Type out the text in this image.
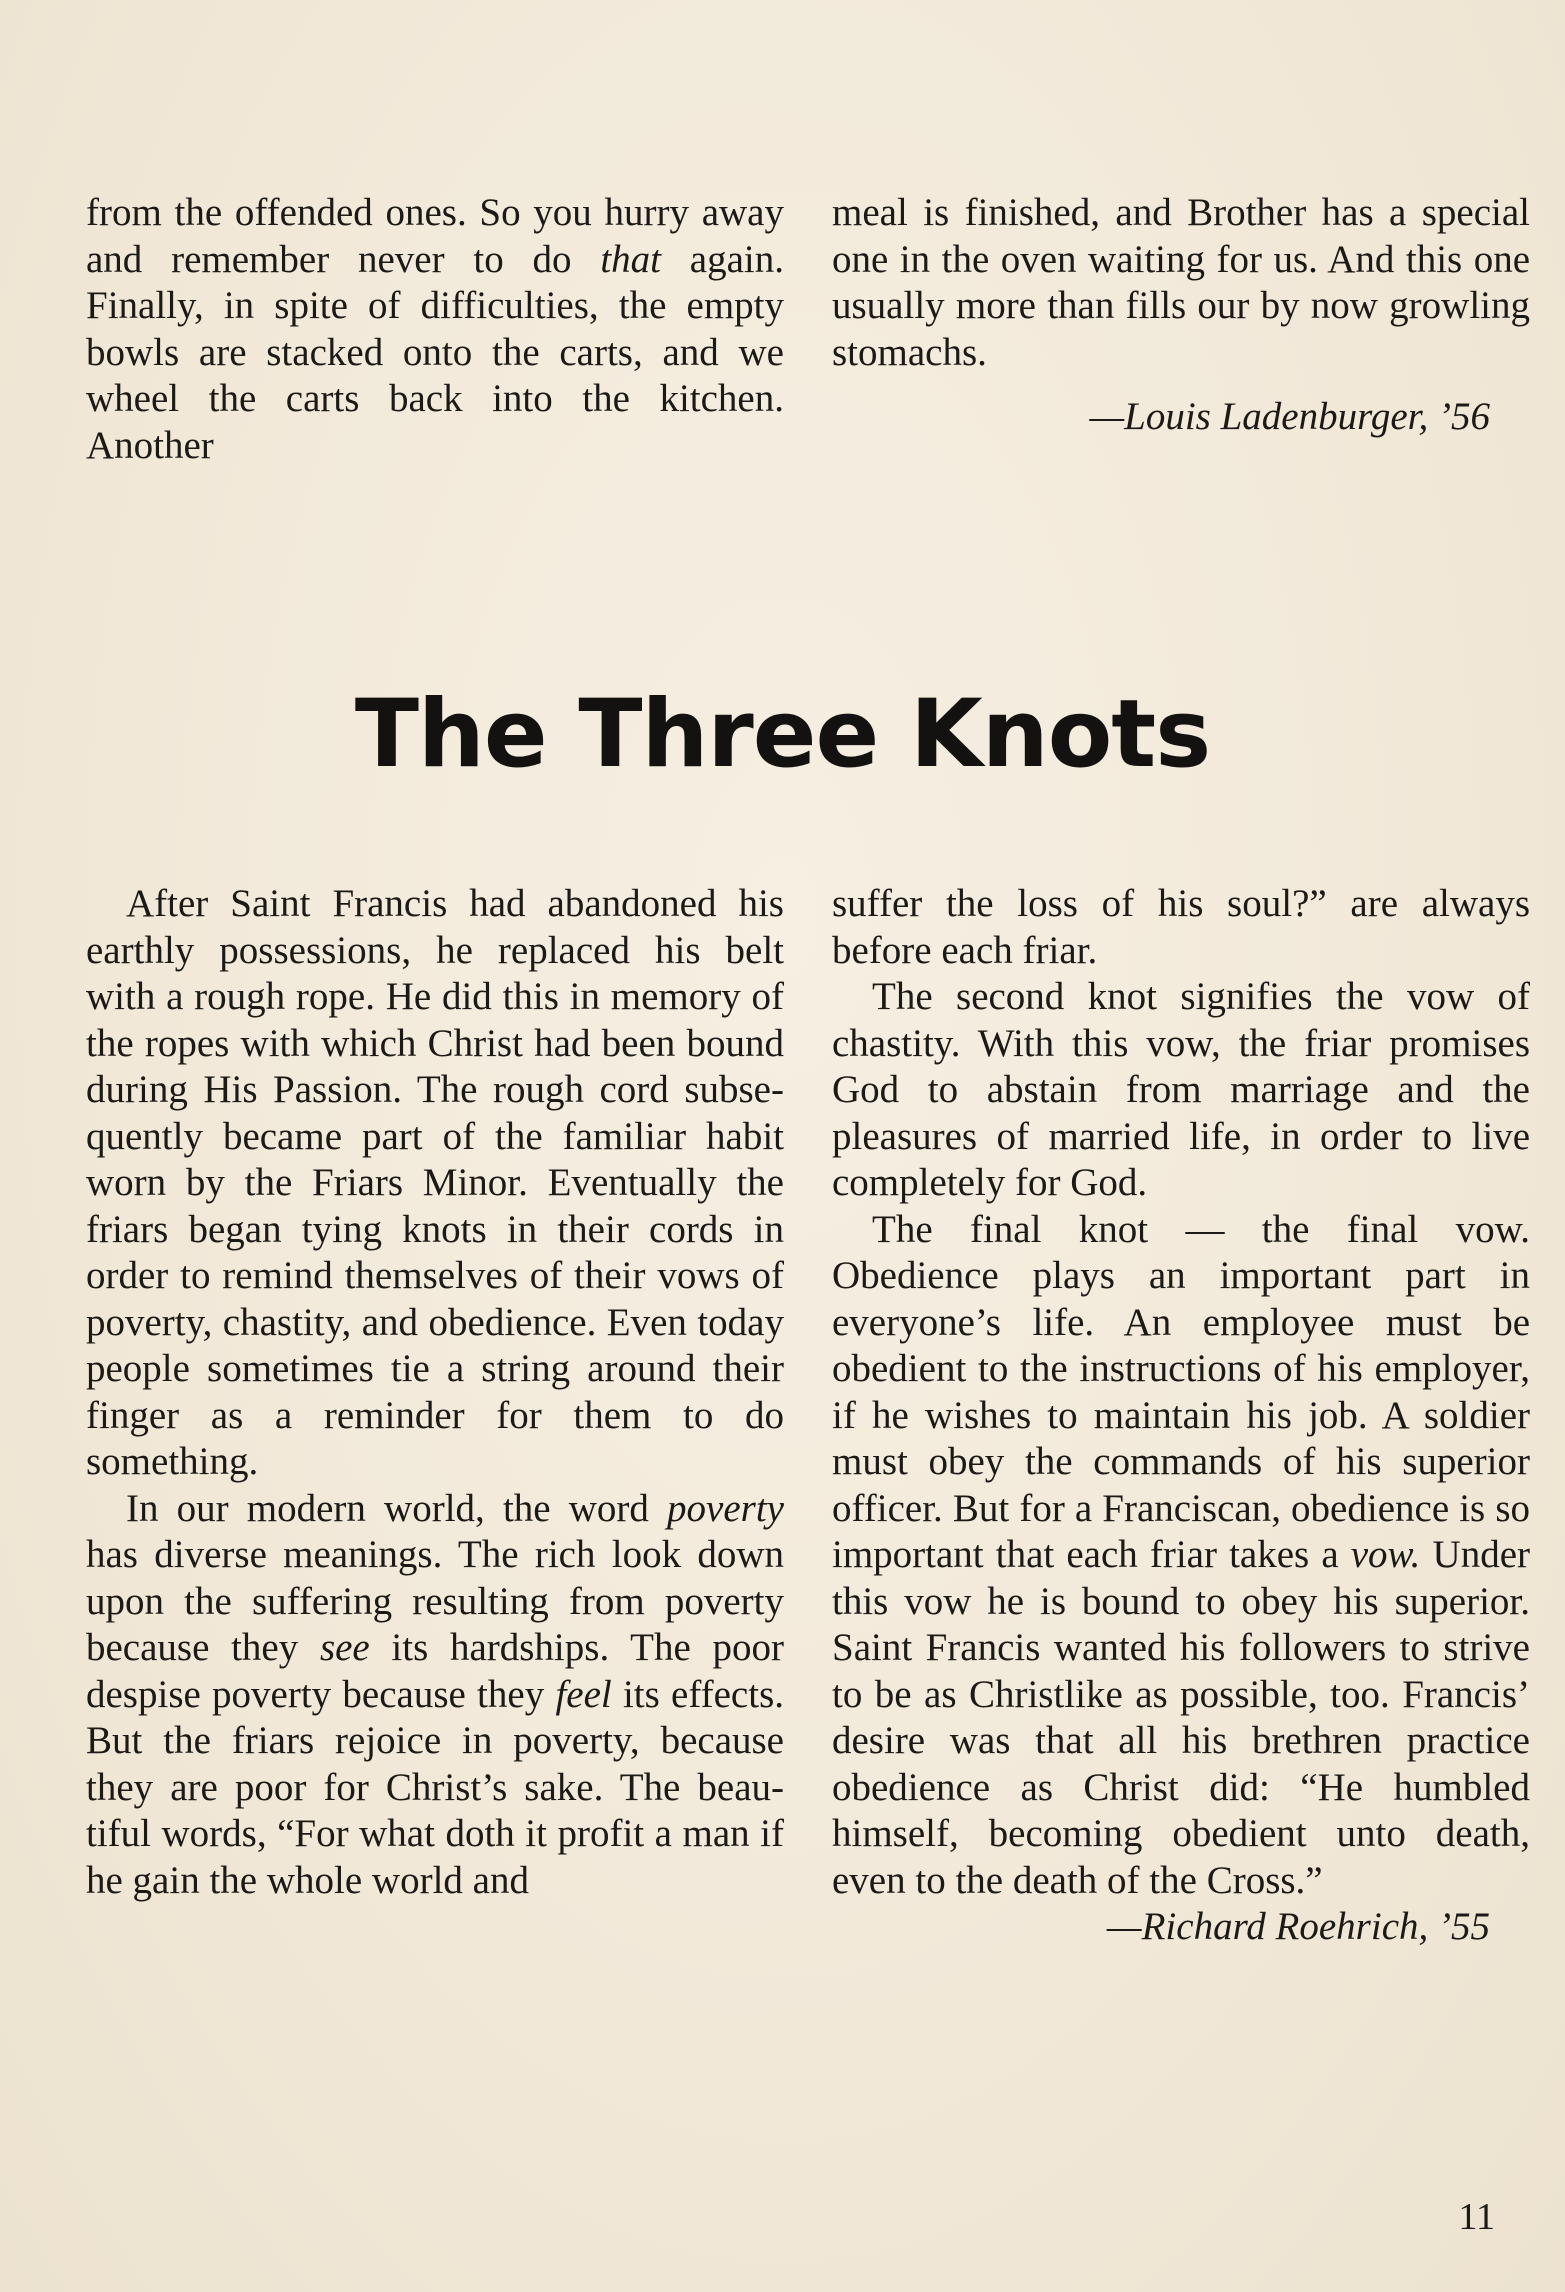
from the offended ones. So you hurry away and remember never to do that again. Finally, in spite of difficulties, the empty bowls are stacked onto the carts, and we wheel the carts back into the kitchen. Another

meal is finished, and Brother has a special one in the oven waiting for us. And this one usually more than fills our by now growling stomachs.

—Louis Ladenburger, ’56

The Three Knots

After Saint Francis had abandoned his earthly possessions, he replaced his belt with a rough rope. He did this in memory of the ropes with which Christ had been bound during His Passion. The rough cord subsequently became part of the familiar habit worn by the Friars Minor. Eventually the friars began tying knots in their cords in order to remind themselves of their vows of poverty, chastity, and obedience. Even today people sometimes tie a string around their finger as a reminder for them to do something.

In our modern world, the word poverty has diverse meanings. The rich look down upon the suffering resulting from poverty because they see its hardships. The poor despise poverty because they feel its effects. But the friars rejoice in poverty, because they are poor for Christ’s sake. The beautiful words, “For what doth it profit a man if he gain the whole world and

suffer the loss of his soul?” are always before each friar.

The second knot signifies the vow of chastity. With this vow, the friar promises God to abstain from marriage and the pleasures of married life, in order to live completely for God.

The final knot — the final vow. Obedience plays an important part in everyone’s life. An employee must be obedient to the instructions of his employer, if he wishes to maintain his job. A soldier must obey the commands of his superior officer. But for a Franciscan, obedience is so important that each friar takes a vow. Under this vow he is bound to obey his superior. Saint Francis wanted his followers to strive to be as Christlike as possible, too. Francis’ desire was that all his brethren practice obedience as Christ did: “He humbled himself, becoming obedient unto death, even to the death of the Cross.”

—Richard Roehrich, ’55

11
